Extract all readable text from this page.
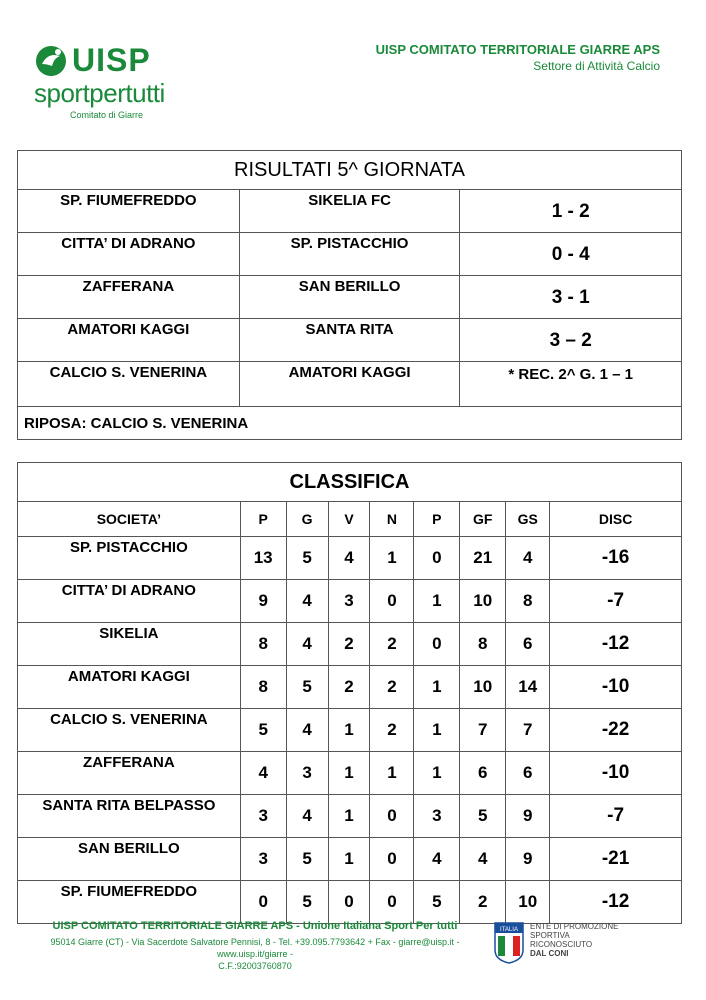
UISP
sportpertutti
Comitato di Giarre
UISP COMITATO TERRITORIALE GIARRE APS
Settore di Attività Calcio
RISULTATI 5^ GIORNATA		
SP. FIUMEFREDDO	SIKELIA FC	1 - 2
CITTA’ DI ADRANO	SP. PISTACCHIO	0 - 4
ZAFFERANA	SAN BERILLO	3 - 1
AMATORI KAGGI	SANTA RITA	3 – 2
CALCIO S. VENERINA	AMATORI KAGGI	* REC. 2^ G. 1 – 1
RIPOSA: CALCIO S. VENERINA		
CLASSIFICA								
SOCIETA’	P	G	V	N	P	GF	GS	DISC
SP. PISTACCHIO	13	5	4	1	0	21	4	-16
CITTA’ DI ADRANO	9	4	3	0	1	10	8	-7
SIKELIA	8	4	2	2	0	8	6	-12
AMATORI KAGGI	8	5	2	2	1	10	14	-10
CALCIO S. VENERINA	5	4	1	2	1	7	7	-22
ZAFFERANA	4	3	1	1	1	6	6	-10
SANTA RITA BELPASSO	3	4	1	0	3	5	9	-7
SAN BERILLO	3	5	1	0	4	4	9	-21
SP. FIUMEFREDDO	0	5	0	0	5	2	10	-12
UISP COMITATO TERRITORIALE GIARRE APS - Unione Italiana Sport Per tutti
95014 Giarre (CT) - Via Sacerdote Salvatore Pennisi, 8 - Tel. +39.095.7793642 + Fax - giarre@uisp.it - www.uisp.it/giarre -
C.F.:92003760870
ITALIA ENTE DI PROMOZIONE
SPORTIVA
RICONOSCIUTO
DAL CONI
